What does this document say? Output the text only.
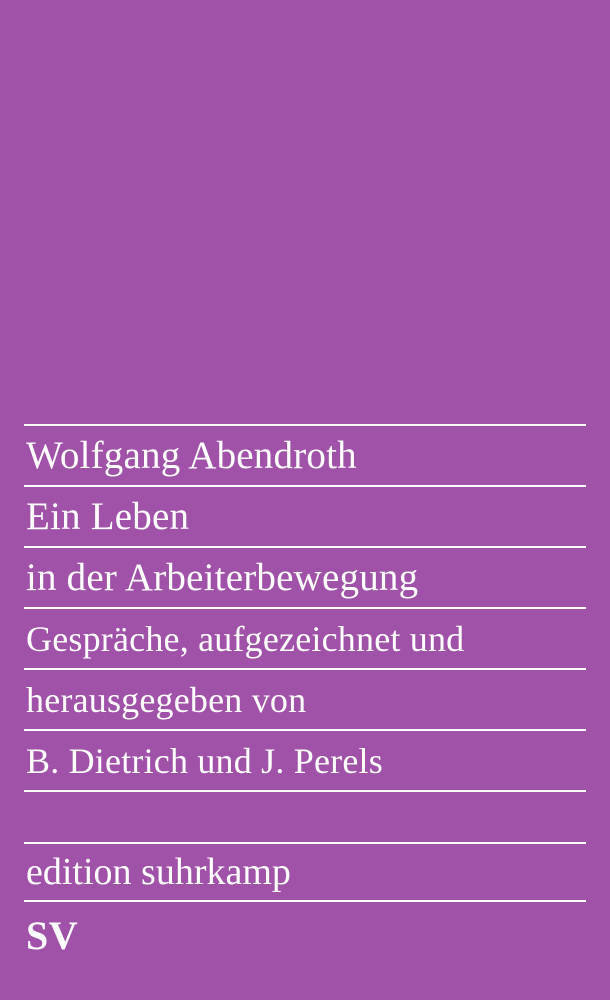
Wolfgang Abendroth
Ein Leben
in der Arbeiterbewegung
Gespräche, aufgezeichnet und
herausgegeben von
B. Dietrich und J. Perels
edition suhrkamp
SV
